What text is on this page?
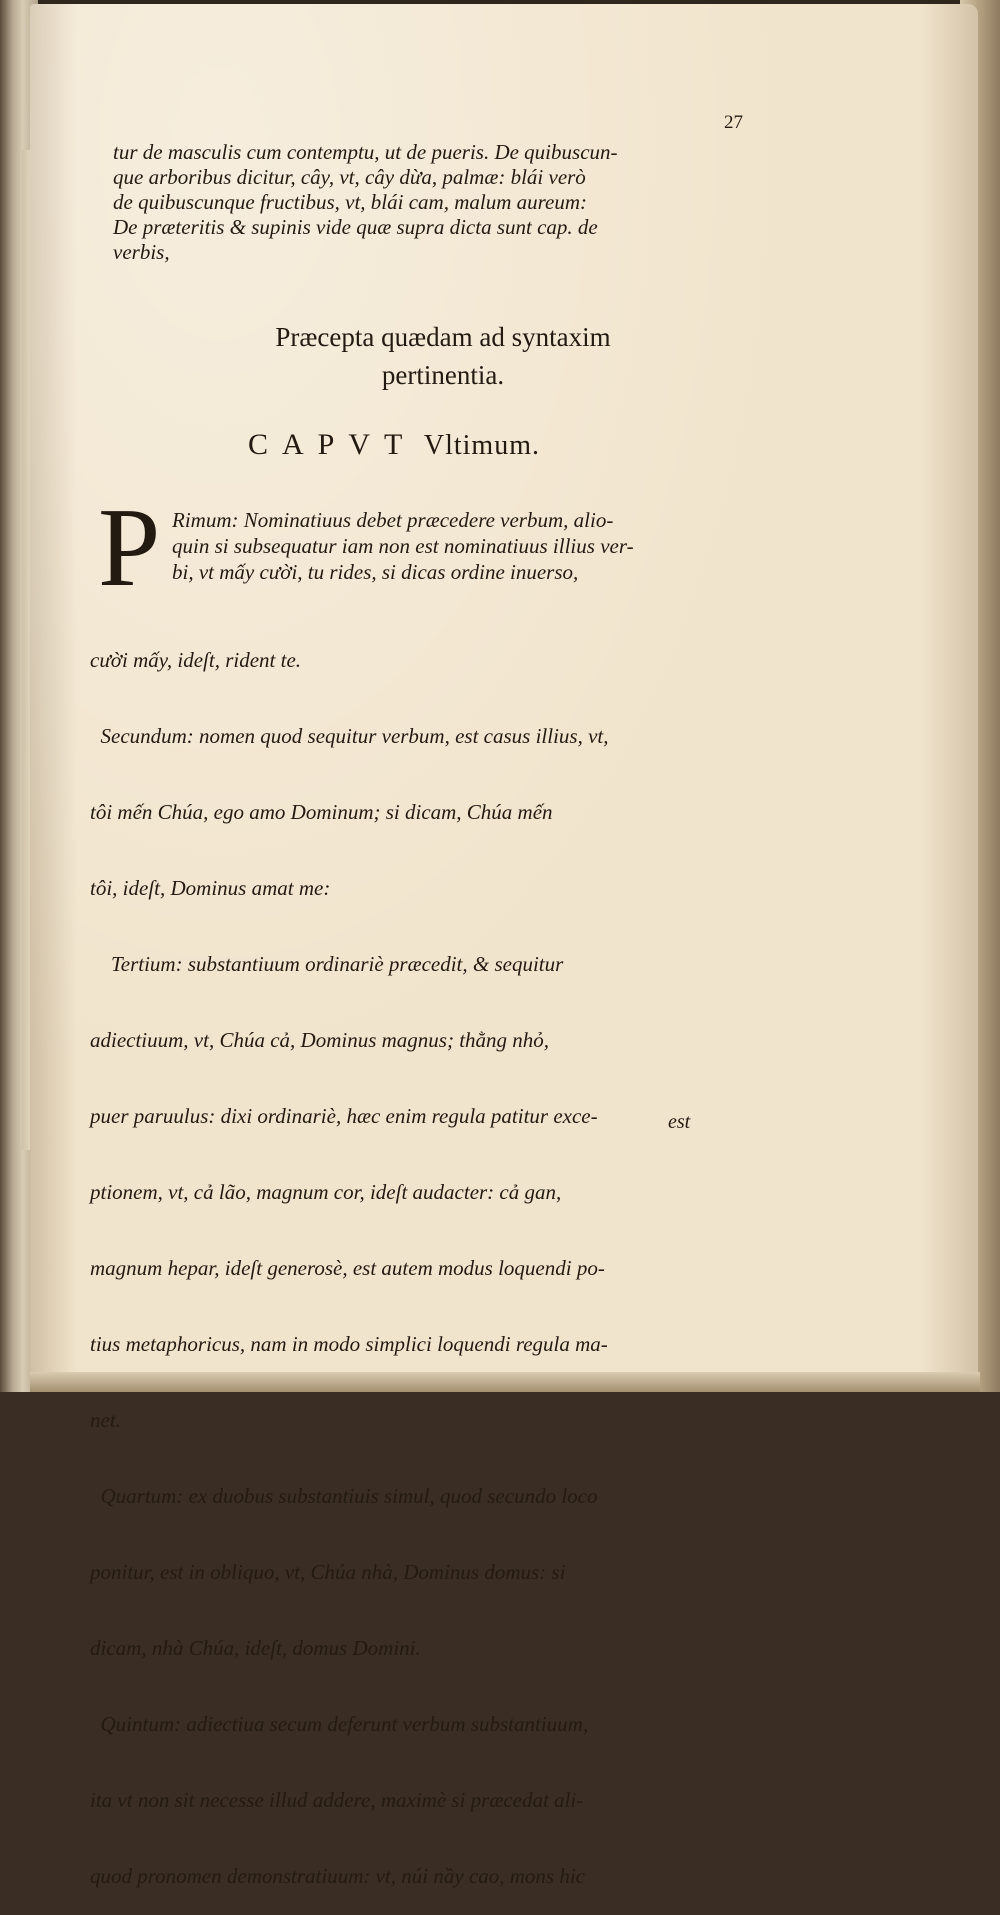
27
tur de masculis cum contemptu, ut de pueris. De quibuscun-
que arboribus dicitur, cây, vt, cây dừa, palmæ: blái verò
de quibuscunque fructibus, vt, blái cam, malum aureum:
De præteritis & supinis vide quæ supra dicta sunt cap. de
verbis,
Præcepta quædam ad syntaxim
pertinentia.
CAPVT Vltimum.
P Rimum: Nominatiuus debet præcedere verbum, alio-
quin si subsequatur iam non est nominatiuus illius ver-
bi, vt mấy cười, tu rides, si dicas ordine inuerso,

cười mấy, ideſt, rident te.

Secundum: nomen quod sequitur verbum, est casus illius, vt,

tôi mến Chúa, ego amo Dominum; si dicam, Chúa mến

tôi, ideſt, Dominus amat me:

Tertium: substantiuum ordinariè præcedit, & sequitur

adiectiuum, vt, Chúa cả, Dominus magnus; thằng nhỏ,

puer paruulus: dixi ordinariè, hæc enim regula patitur exce-

ptionem, vt, cả lão, magnum cor, ideſt audacter: cả gan,

magnum hepar, ideſt generosè, est autem modus loquendi po-

tius metaphoricus, nam in modo simplici loquendi regula ma-

net.

Quartum: ex duobus substantiuis simul, quod secundo loco

ponitur, est in obliquo, vt, Chúa nhà, Dominus domus: si

dicam, nhà Chúa, ideſt, domus Domini.

Quintum: adiectiua secum deferunt verbum substantiuum,

ita vt non sit necesse illud addere, maximè si præcedat ali-

quod pronomen demonstratiuum: vt, núi nầy cao, mons hic

est
